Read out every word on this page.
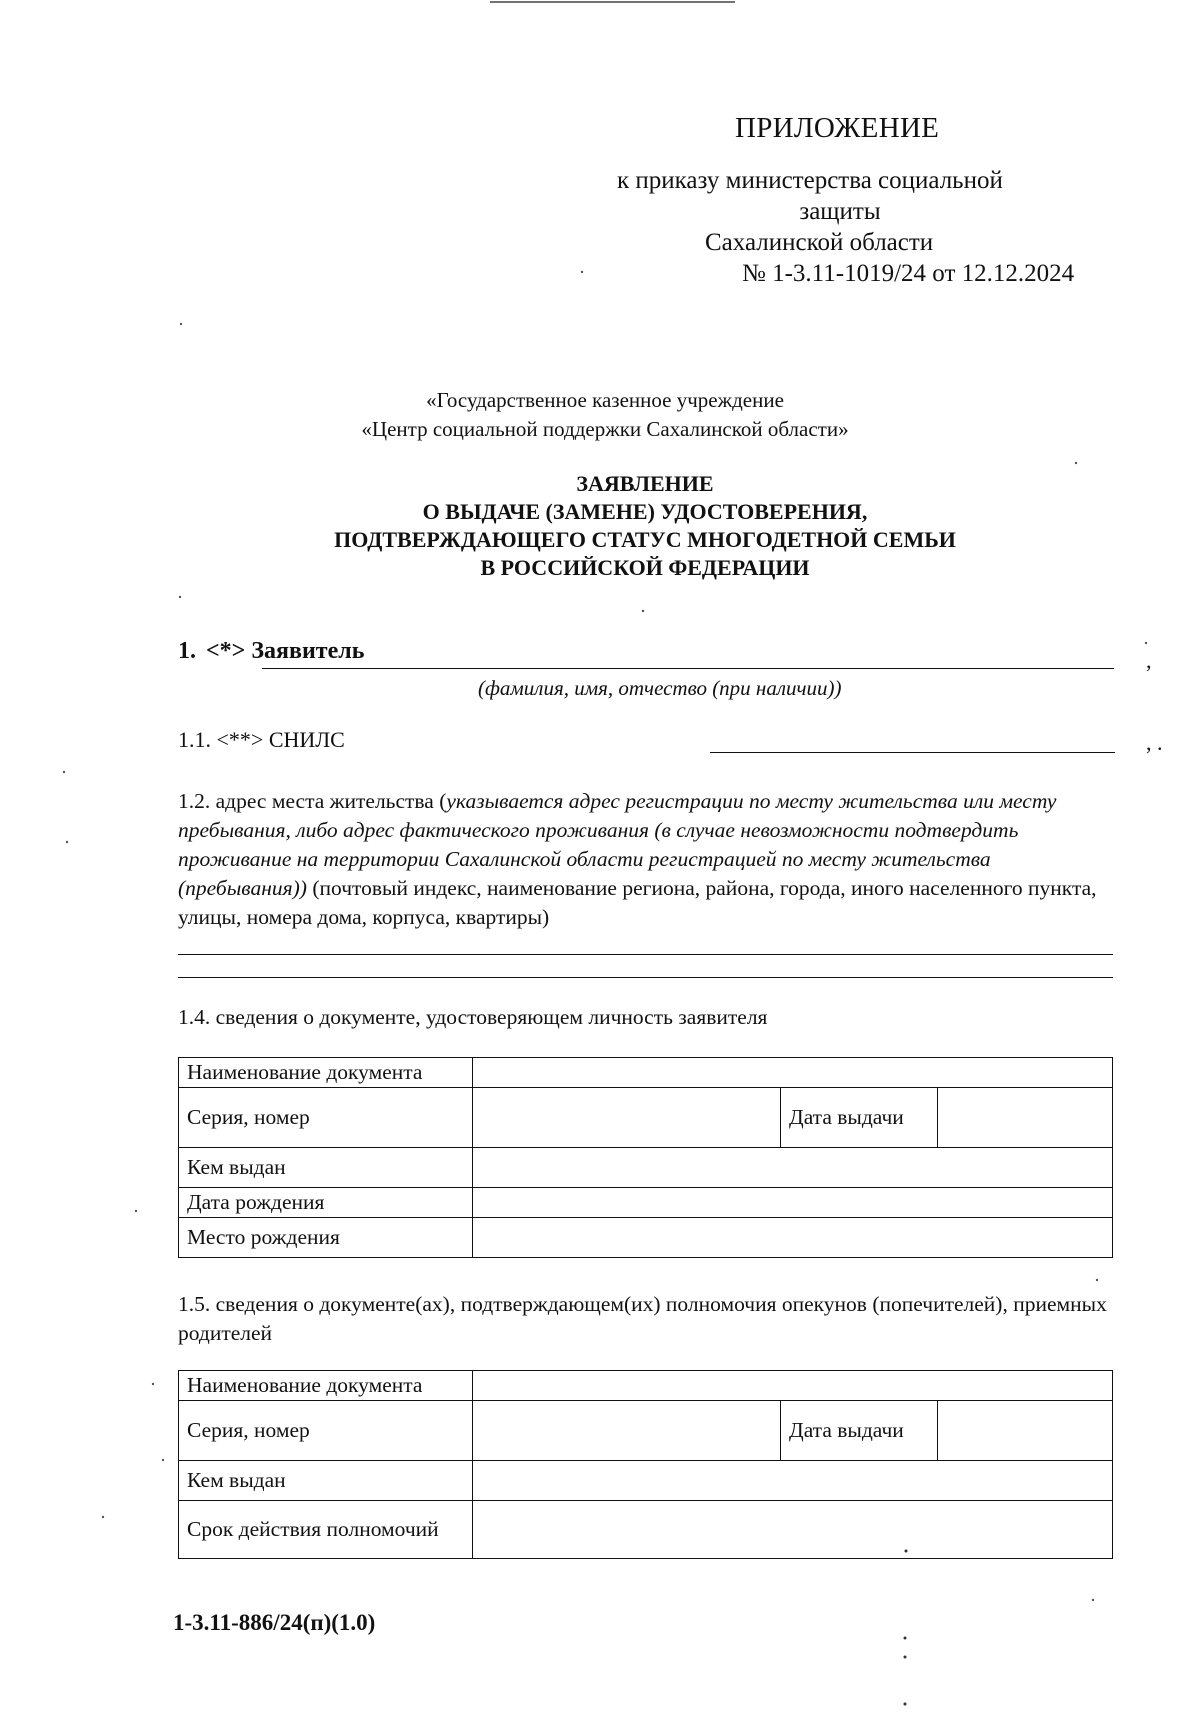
ПРИЛОЖЕНИЕ
к приказу министерства социальной
защиты
Сахалинской области
№ 1-3.11-1019/24 от 12.12.2024
«Государственное казенное учреждение
«Центр социальной поддержки Сахалинской области»
ЗАЯВЛЕНИЕ
О ВЫДАЧЕ (ЗАМЕНЕ) УДОСТОВЕРЕНИЯ,
ПОДТВЕРЖДАЮЩЕГО СТАТУС МНОГОДЕТНОЙ СЕМЬИ
В РОССИЙСКОЙ ФЕДЕРАЦИИ
1. <*> Заявитель	,
(фамилия, имя, отчество (при наличии))
1.1. <**> СНИЛС	, .
1.2. адрес места жительства (указывается адрес регистрации по месту жительства или месту пребывания, либо адрес фактического проживания (в случае невозможности подтвердить проживание на территории Сахалинской области регистрацией по месту жительства (пребывания)) (почтовый индекс, наименование региона, района, города, иного населенного пункта, улицы, номера дома, корпуса, квартиры)
1.4. сведения о документе, удостоверяющем личность заявителя
Наименование документа			
Серия, номер		Дата выдачи	
Кем выдан			
Дата рождения			
Место рождения			
1.5. сведения о документе(ах), подтверждающем(их) полномочия опекунов (попечителей), приемных родителей
Наименование документа			
Серия, номер		Дата выдачи	
Кем выдан			
Срок действия полномочий			
1-3.11-886/24(п)(1.0)
